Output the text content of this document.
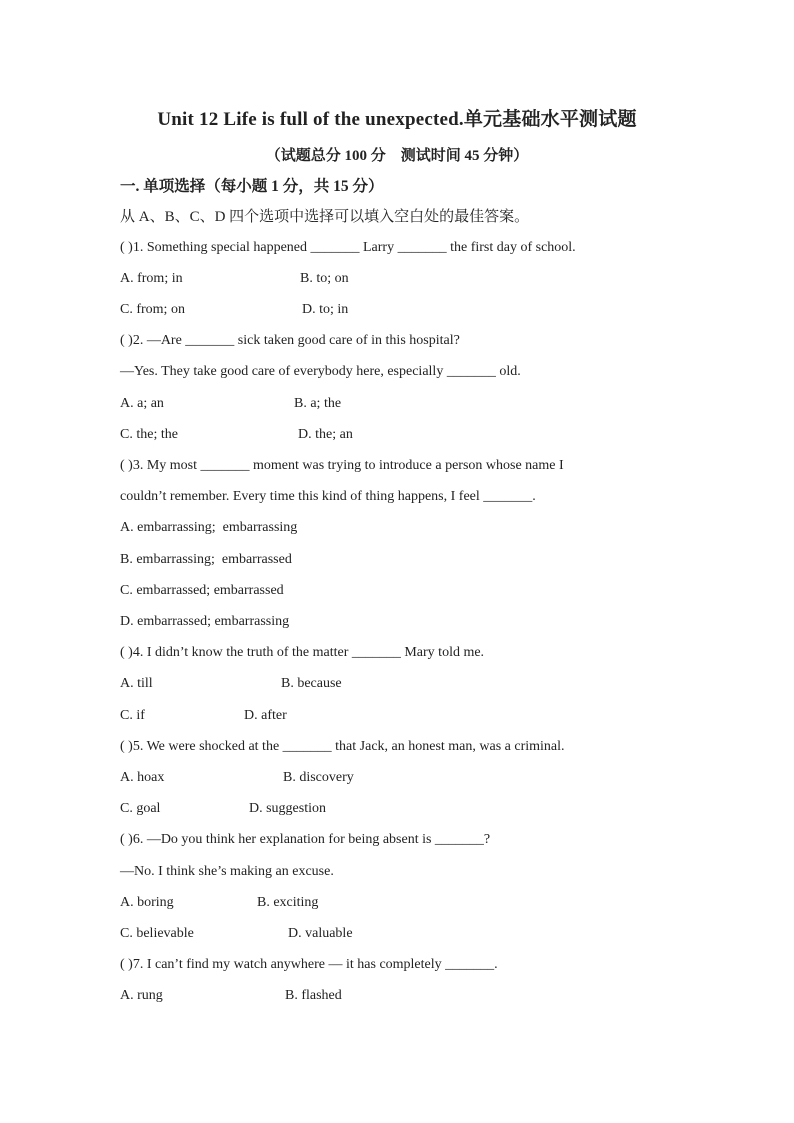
Unit 12 Life is full of the unexpected.单元基础水平测试题
（试题总分 100 分　测试时间 45 分钟）
一. 单项选择（每小题 1 分，共 15 分）
从 A、B、C、D 四个选项中选择可以填入空白处的最佳答案。
( )1. Something special happened _______ Larry _______ the first day of school.
A. from; in	B. to; on
C. from; on	D. to; in
( )2. —Are _______ sick taken good care of in this hospital?
—Yes. They take good care of everybody here, especially _______ old.
A. a; an	B. a; the
C. the; the	D. the; an
( )3. My most _______ moment was trying to introduce a person whose name I
couldn’t remember. Every time this kind of thing happens, I feel _______.
A. embarrassing;  embarrassing
B. embarrassing;  embarrassed
C. embarrassed; embarrassed
D. embarrassed; embarrassing
( )4. I didn’t know the truth of the matter _______ Mary told me.
A. till	B. because
C. if	D. after
( )5. We were shocked at the _______ that Jack, an honest man, was a criminal.
A. hoax	B. discovery
C. goal	D. suggestion
( )6. —Do you think her explanation for being absent is _______?
—No. I think she’s making an excuse.
A. boring	B. exciting
C. believable	D. valuable
( )7. I can’t find my watch anywhere — it has completely _______.
A. rung	B. flashed
